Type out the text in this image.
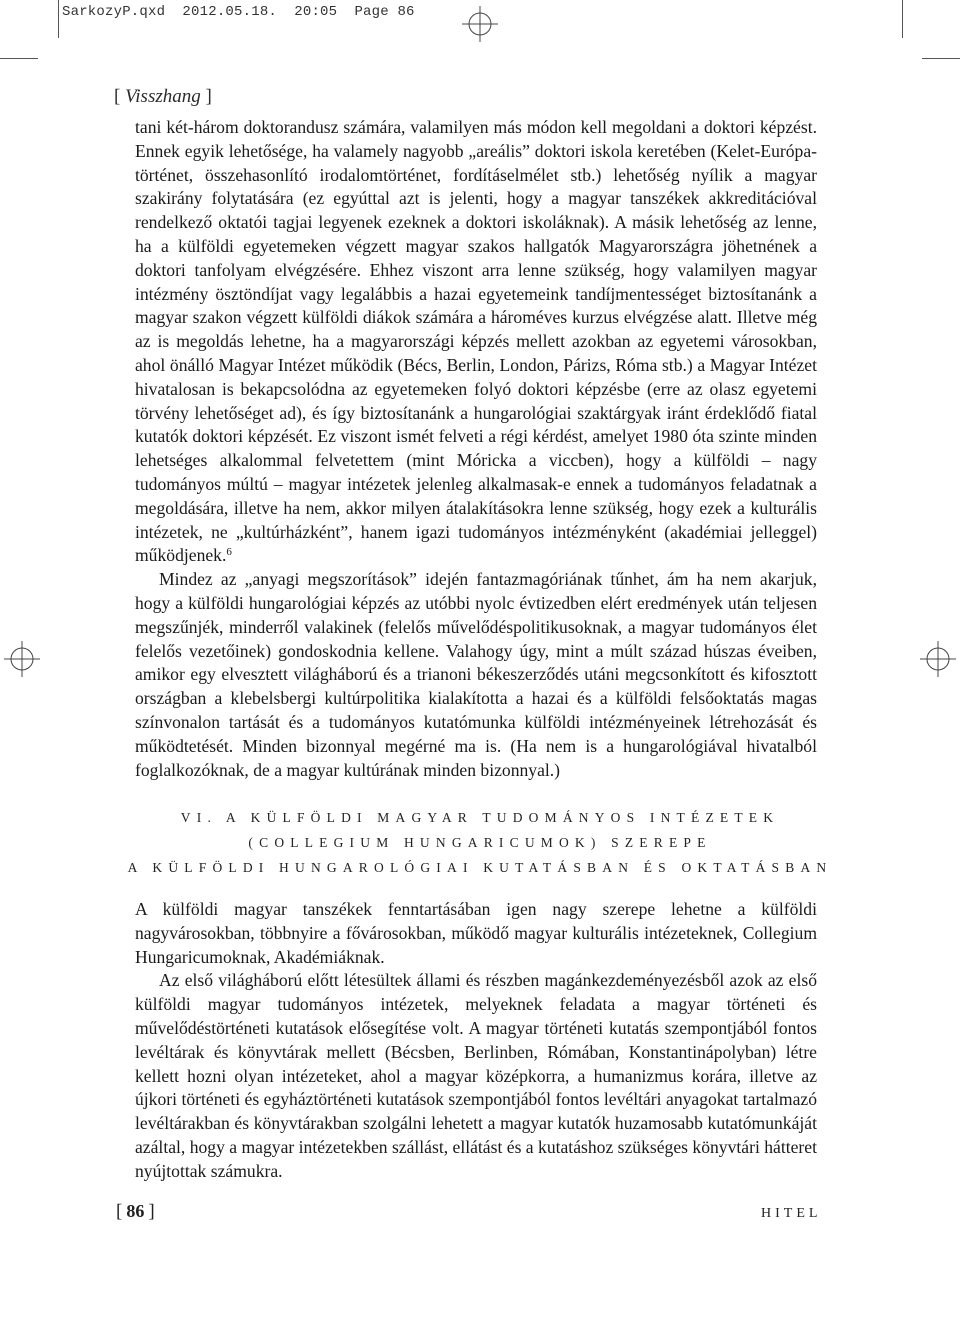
SarkozyP.qxd  2012.05.18.  20:05  Page 86
[ Visszhang ]

tani két-három doktorandusz számára, valamilyen más módon kell megoldani a doktori képzést. Ennek egyik lehetősége, ha valamely nagyobb „areális” doktori iskola keretében (Kelet-Európa-történet, összehasonlító irodalomtörténet, fordításelmélet stb.) lehetőség nyílik a magyar szakirány folytatására (ez egyúttal azt is jelenti, hogy a magyar tanszékek akkreditációval rendelkező oktatói tagjai legyenek ezeknek a doktori iskoláknak). A másik lehetőség az lenne, ha a külföldi egyetemeken végzett magyar szakos hallgatók Magyarországra jöhetnének a doktori tanfolyam elvégzésére. Ehhez viszont arra lenne szükség, hogy valamilyen magyar intézmény ösztöndíjat vagy legalábbis a hazai egyetemeink tandíjmentességet biztosítanánk a magyar szakon végzett külföldi diákok számára a hároméves kurzus elvégzése alatt. Illetve még az is megoldás lehetne, ha a magyarországi képzés mellett azokban az egyetemi városokban, ahol önálló Magyar Intézet működik (Bécs, Berlin, London, Párizs, Róma stb.) a Magyar Intézet hivatalosan is bekapcsolódna az egyetemeken folyó doktori képzésbe (erre az olasz egyetemi törvény lehetőséget ad), és így biztosítanánk a hungarológiai szaktárgyak iránt érdeklődő fiatal kutatók doktori képzését. Ez viszont ismét felveti a régi kérdést, amelyet 1980 óta szinte minden lehetséges alkalommal felvetettem (mint Móricka a viccben), hogy a külföldi – nagy tudományos múltú – magyar intézetek jelenleg alkalmasak-e ennek a tudományos feladatnak a megoldására, illetve ha nem, akkor milyen átalakításokra lenne szükség, hogy ezek a kulturális intézetek, ne „kultúrházként”, hanem igazi tudományos intézményként (akadémiai jelleggel) működjenek.$^6$

Mindez az „anyagi megszorítások” idején fantazmagóriának tűnhet, ám ha nem akarjuk, hogy a külföldi hungarológiai képzés az utóbbi nyolc évtizedben elért eredmények után teljesen megszűnjék, minderről valakinek (felelős művelődéspolitikusoknak, a magyar tudományos élet felelős vezetőinek) gondoskodnia kellene. Valahogy úgy, mint a múlt század húszas éveiben, amikor egy elvesztett világháború és a trianoni békeszerződés utáni megcsonkított és kifosztott országban a klebelsbergi kultúrpolitika kialakította a hazai és a külföldi felsőoktatás magas színvonalon tartását és a tudományos kutatómunka külföldi intézményeinek létrehozását és működtetését. Minden bizonnyal megérné ma is. (Ha nem is a hungarológiával hivatalból foglalkozóknak, de a magyar kultúrának minden bizonnyal.)

VI. A KÜLFÖLDI MAGYAR TUDOMÁNYOS INTÉZETEK
(COLLEGIUM HUNGARICUMOK) SZEREPE
A KÜLFÖLDI HUNGAROLÓGIAI KUTATÁSBAN ÉS OKTATÁSBAN

A külföldi magyar tanszékek fenntartásában igen nagy szerepe lehetne a külföldi nagyvárosokban, többnyire a fővárosokban, működő magyar kulturális intézeteknek, Collegium Hungaricumoknak, Akadémiáknak.

Az első világháború előtt létesültek állami és részben magánkezdeményezésből azok az első külföldi magyar tudományos intézetek, melyeknek feladata a magyar történeti és művelődéstörténeti kutatások elősegítése volt. A magyar történeti kutatás szempontjából fontos levéltárak és könyvtárak mellett (Bécsben, Berlinben, Rómában, Konstantinápolyban) létre kellett hozni olyan intézeteket, ahol a magyar középkorra, a humanizmus korára, illetve az újkori történeti és egyháztörténeti kutatások szempontjából fontos levéltári anyagokat tartalmazó levéltárakban és könyvtárakban szolgálni lehetett a magyar kutatók huzamosabb kutatómunkáját azáltal, hogy a magyar intézetekben szállást, ellátást és a kutatáshoz szükséges könyvtári hátteret nyújtottak számukra.

[ 86 ]	HITEL
